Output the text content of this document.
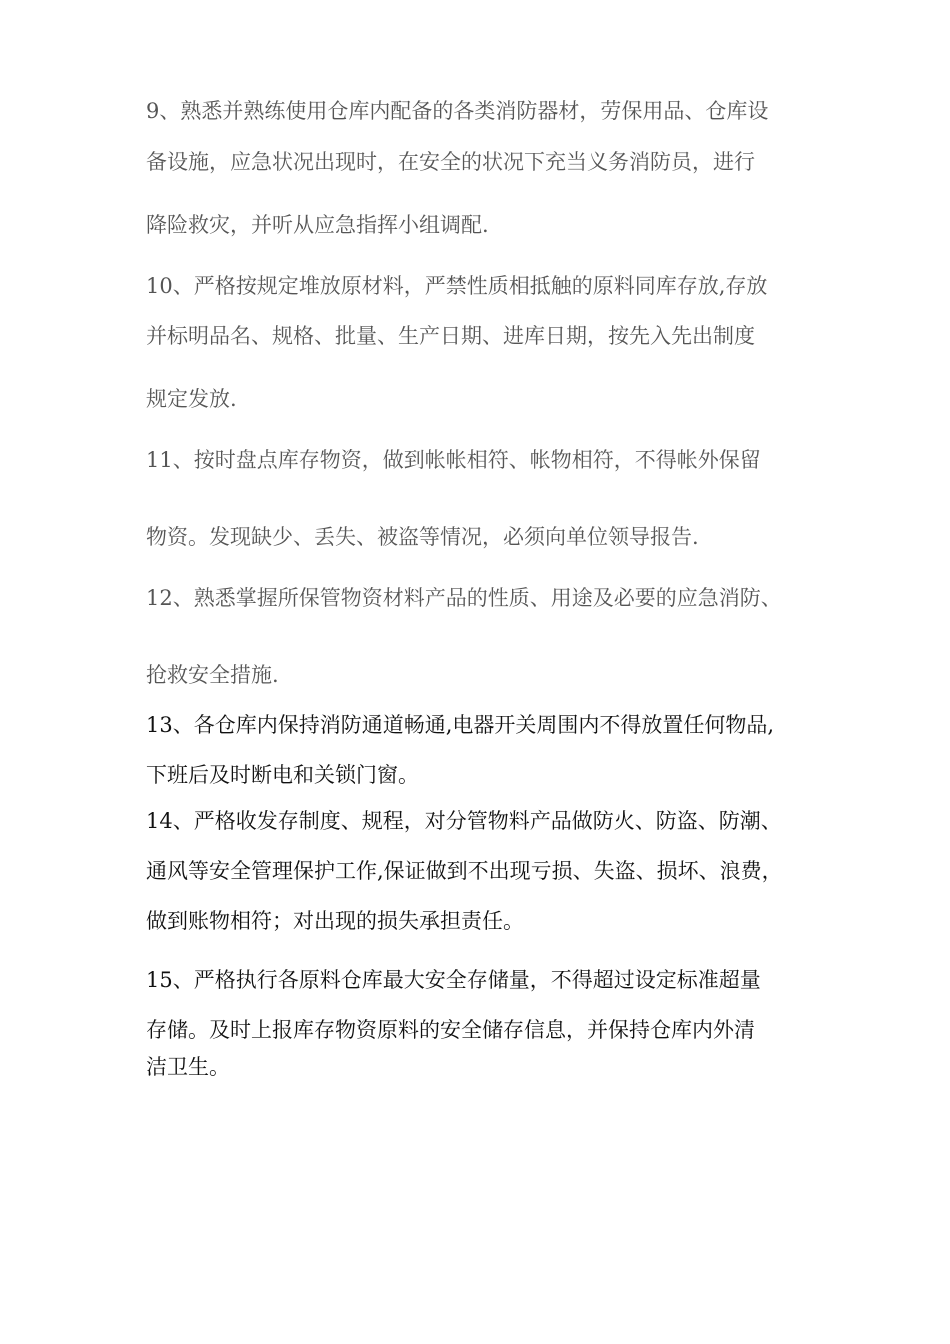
9、熟悉并熟练使用仓库内配备的各类消防器材，劳保用品、仓库设
备设施，应急状况出现时，在安全的状况下充当义务消防员，进行
降险救灾，并听从应急指挥小组调配.
10、严格按规定堆放原材料，严禁性质相抵触的原料同库存放,存放
并标明品名、规格、批量、生产日期、进库日期，按先入先出制度
规定发放.
11、按时盘点库存物资，做到帐帐相符、帐物相符，不得帐外保留
物资。发现缺少、丢失、被盗等情况，必须向单位领导报告.
12、熟悉掌握所保管物资材料产品的性质、用途及必要的应急消防、
抢救安全措施.
13、各仓库内保持消防通道畅通,电器开关周围内不得放置任何物品,
下班后及时断电和关锁门窗。
14、严格收发存制度、规程，对分管物料产品做防火、防盗、防潮、
通风等安全管理保护工作,保证做到不出现亏损、失盗、损坏、浪费，
做到账物相符；对出现的损失承担责任。
15、严格执行各原料仓库最大安全存储量，不得超过设定标准超量
存储。及时上报库存物资原料的安全储存信息，并保持仓库内外清
洁卫生。
